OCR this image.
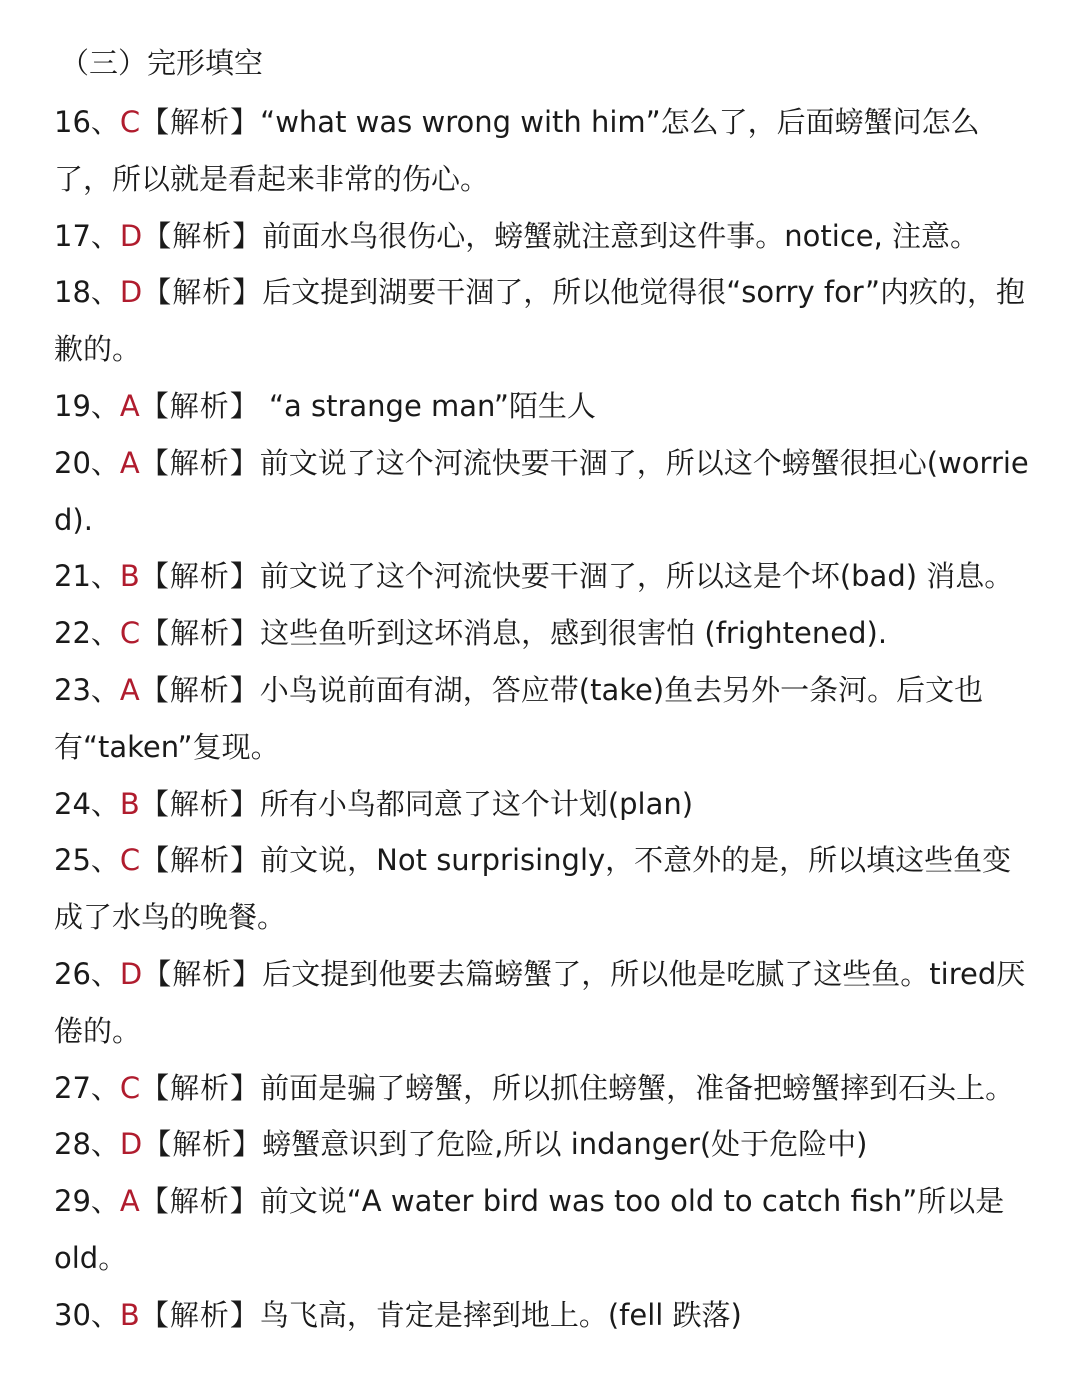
（三）完形填空

16、C【解析】“what was wrong with him”怎么了，后面螃蟹问怎么了，所以就是看起来非常的伤心。

17、D【解析】前面水鸟很伤心，螃蟹就注意到这件事。notice, 注意。

18、D【解析】后文提到湖要干涸了，所以他觉得很“sorry for”内疚的，抱歉的。

19、A【解析】 “a strange man”陌生人

20、A【解析】前文说了这个河流快要干涸了，所以这个螃蟹很担心(worried).

21、B【解析】前文说了这个河流快要干涸了，所以这是个坏(bad) 消息。

22、C【解析】这些鱼听到这坏消息，感到很害怕 (frightened).

23、A【解析】小鸟说前面有湖，答应带(take)鱼去另外一条河。后文也有“taken”复现。

24、B【解析】所有小鸟都同意了这个计划(plan)

25、C【解析】前文说，Not surprisingly，不意外的是，所以填这些鱼变成了水鸟的晚餐。

26、D【解析】后文提到他要去篇螃蟹了，所以他是吃腻了这些鱼。tired厌倦的。

27、C【解析】前面是骗了螃蟹，所以抓住螃蟹，准备把螃蟹摔到石头上。

28、D【解析】螃蟹意识到了危险,所以 indanger(处于危险中)

29、A【解析】前文说“A water bird was too old to catch fish”所以是 old。

30、B【解析】鸟飞高，肯定是摔到地上。(fell 跌落)
